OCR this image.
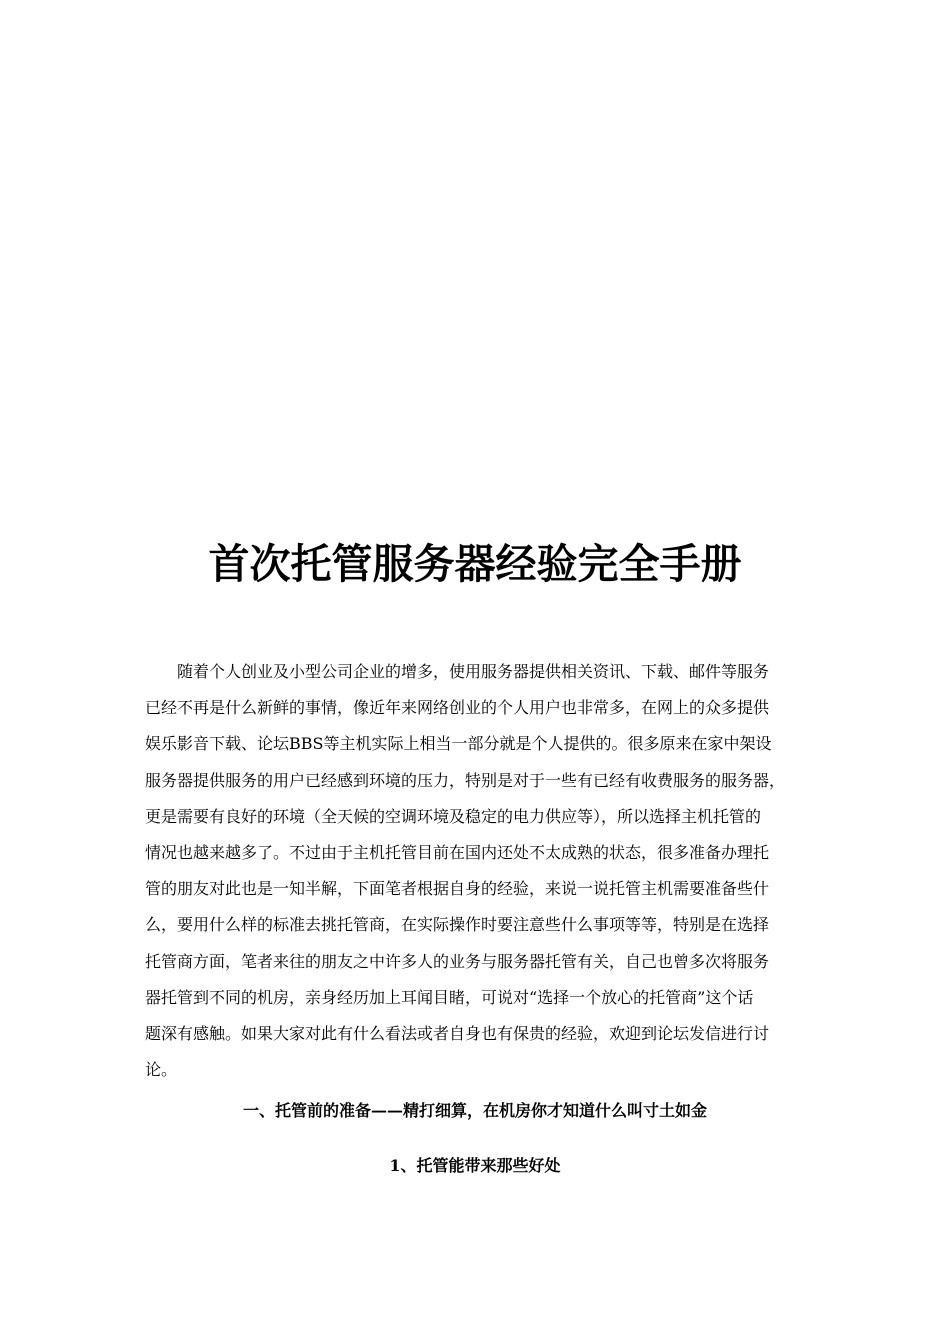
首次托管服务器经验完全手册

随着个人创业及小型公司企业的增多，使用服务器提供相关资讯、下载、邮件等服务

已经不再是什么新鲜的事情，像近年来网络创业的个人用户也非常多，在网上的众多提供

娱乐影音下载、论坛BBS等主机实际上相当一部分就是个人提供的。很多原来在家中架设

服务器提供服务的用户已经感到环境的压力，特别是对于一些有已经有收费服务的服务器，

更是需要有良好的环境（全天候的空调环境及稳定的电力供应等），所以选择主机托管的

情况也越来越多了。不过由于主机托管目前在国内还处不太成熟的状态，很多准备办理托

管的朋友对此也是一知半解，下面笔者根据自身的经验，来说一说托管主机需要准备些什

么，要用什么样的标准去挑托管商，在实际操作时要注意些什么事项等等，特别是在选择

托管商方面，笔者来往的朋友之中许多人的业务与服务器托管有关，自己也曾多次将服务

器托管到不同的机房，亲身经历加上耳闻目睹，可说对“选择一个放心的托管商”这个话

题深有感触。如果大家对此有什么看法或者自身也有保贵的经验，欢迎到论坛发信进行讨

论。

一、托管前的准备——精打细算，在机房你才知道什么叫寸土如金
1、托管能带来那些好处
